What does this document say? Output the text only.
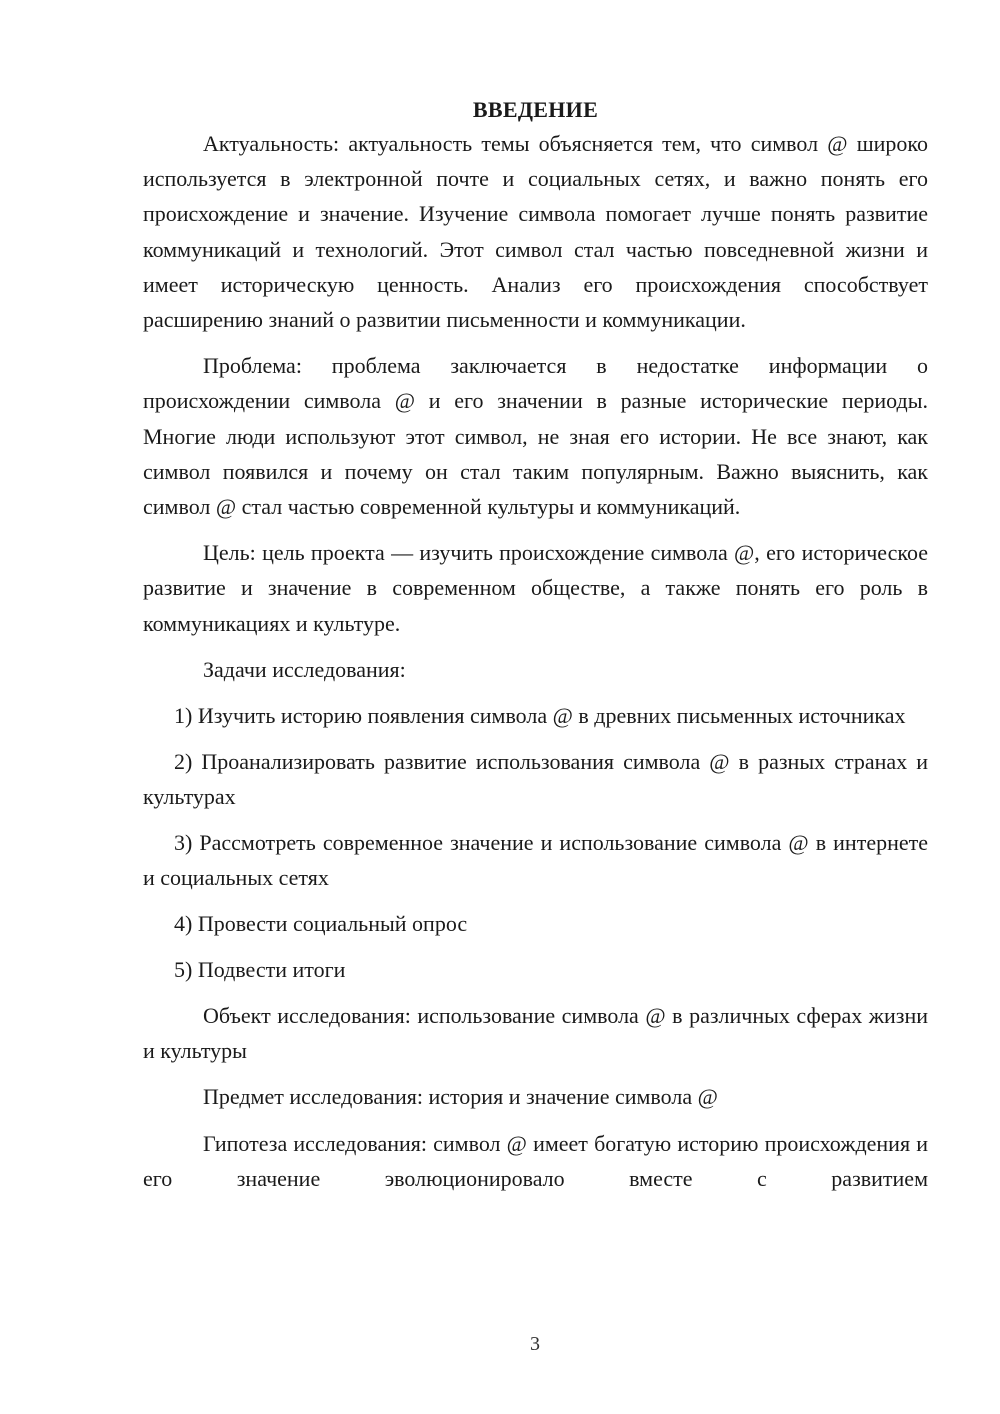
ВВЕДЕНИЕ

Актуальность: актуальность темы объясняется тем, что символ @ широко используется в электронной почте и социальных сетях, и важно понять его происхождение и значение. Изучение символа помогает лучше понять развитие коммуникаций и технологий. Этот символ стал частью повседневной жизни и имеет историческую ценность. Анализ его происхождения способствует расширению знаний о развитии письменности и коммуникации.

Проблема: проблема заключается в недостатке информации о происхождении символа @ и его значении в разные исторические периоды. Многие люди используют этот символ, не зная его истории. Не все знают, как символ появился и почему он стал таким популярным. Важно выяснить, как символ @ стал частью современной культуры и коммуникаций.

Цель: цель проекта — изучить происхождение символа @, его историческое развитие и значение в современном обществе, а также понять его роль в коммуникациях и культуре.

Задачи исследования:

1) Изучить историю появления символа @ в древних письменных источниках

2) Проанализировать развитие использования символа @ в разных странах и культурах

3) Рассмотреть современное значение и использование символа @ в интернете и социальных сетях

4) Провести социальный опрос

5) Подвести итоги

Объект исследования: использование символа @ в различных сферах жизни и культуры

Предмет исследования: история и значение символа @

Гипотеза исследования: символ @ имеет богатую историю происхождения и его значение эволюционировало вместе с развитием

3
